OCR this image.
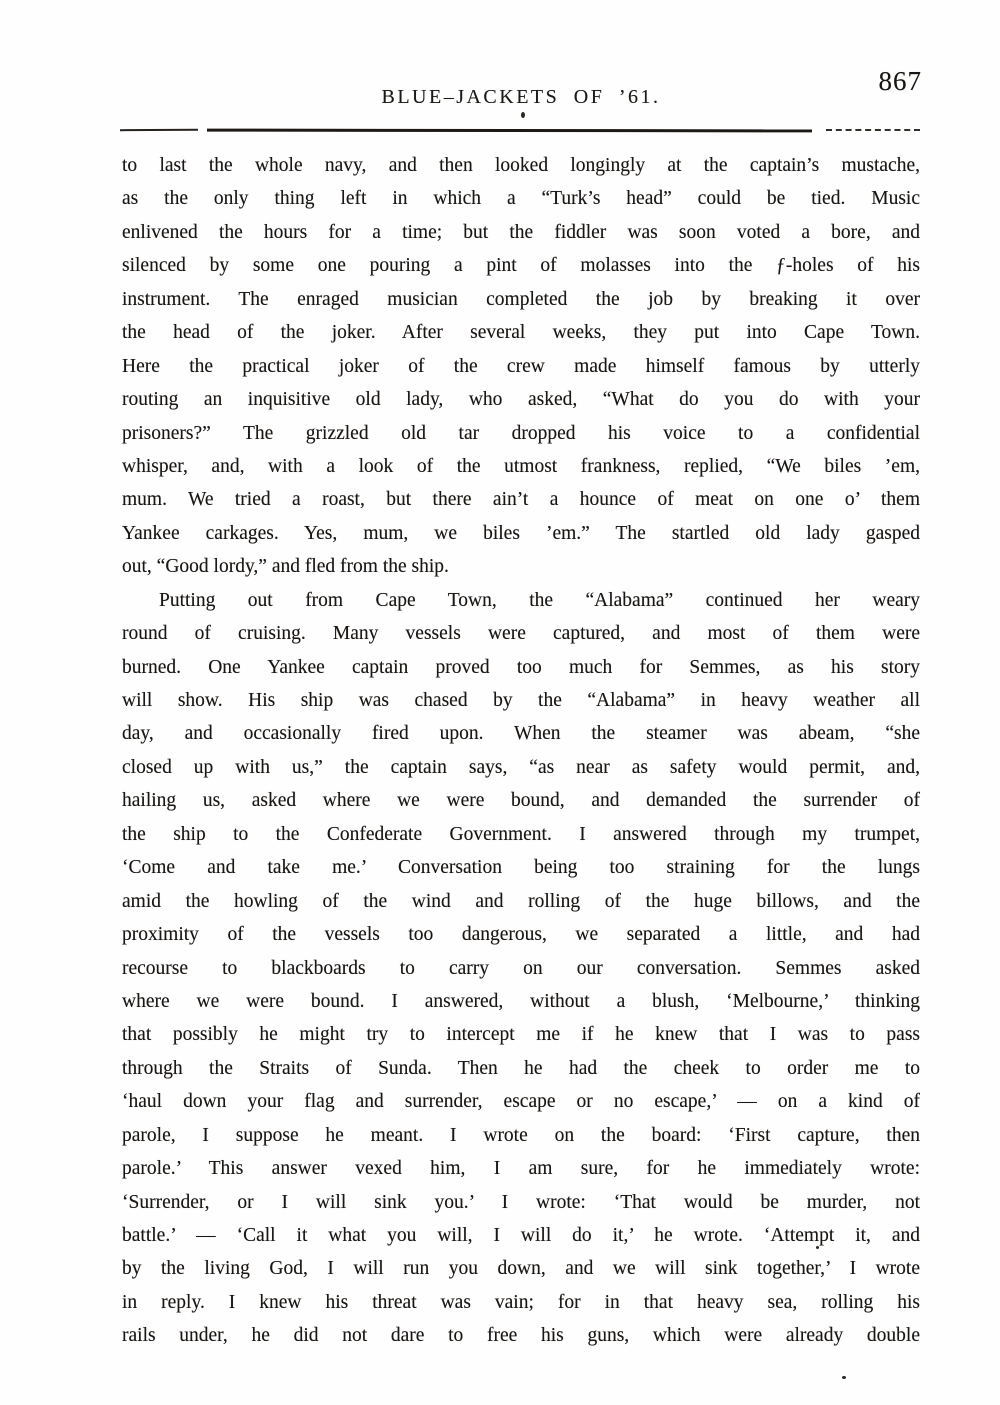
BLUE–JACKETS OF ’61.
867
to last the whole navy, and then looked longingly at the captain’s mustache,
as the only thing left in which a “Turk’s head” could be tied. Music
enlivened the hours for a time; but the fiddler was soon voted a bore, and
silenced by some one pouring a pint of molasses into the ƒ-holes of his
instrument. The enraged musician completed the job by breaking it over
the head of the joker. After several weeks, they put into Cape Town.
Here the practical joker of the crew made himself famous by utterly
routing an inquisitive old lady, who asked, “What do you do with your
prisoners?” The grizzled old tar dropped his voice to a confidential
whisper, and, with a look of the utmost frankness, replied, “We biles ’em,
mum. We tried a roast, but there ain’t a hounce of meat on one o’ them
Yankee carkages. Yes, mum, we biles ’em.” The startled old lady gasped
out, “Good lordy,” and fled from the ship.
Putting out from Cape Town, the “Alabama” continued her weary
round of cruising. Many vessels were captured, and most of them were
burned. One Yankee captain proved too much for Semmes, as his story
will show. His ship was chased by the “Alabama” in heavy weather all
day, and occasionally fired upon. When the steamer was abeam, “she
closed up with us,” the captain says, “as near as safety would permit, and,
hailing us, asked where we were bound, and demanded the surrender of
the ship to the Confederate Government. I answered through my trumpet,
‘Come and take me.’ Conversation being too straining for the lungs
amid the howling of the wind and rolling of the huge billows, and the
proximity of the vessels too dangerous, we separated a little, and had
recourse to blackboards to carry on our conversation. Semmes asked
where we were bound. I answered, without a blush, ‘Melbourne,’ thinking
that possibly he might try to intercept me if he knew that I was to pass
through the Straits of Sunda. Then he had the cheek to order me to
‘haul down your flag and surrender, escape or no escape,’ — on a kind of
parole, I suppose he meant. I wrote on the board: ‘First capture, then
parole.’ This answer vexed him, I am sure, for he immediately wrote:
‘Surrender, or I will sink you.’ I wrote: ‘That would be murder, not
battle.’ — ‘Call it what you will, I will do it,’ he wrote. ‘Attempt it, and
by the living God, I will run you down, and we will sink together,’ I wrote
in reply. I knew his threat was vain; for in that heavy sea, rolling his
rails under, he did not dare to free his guns, which were already double
